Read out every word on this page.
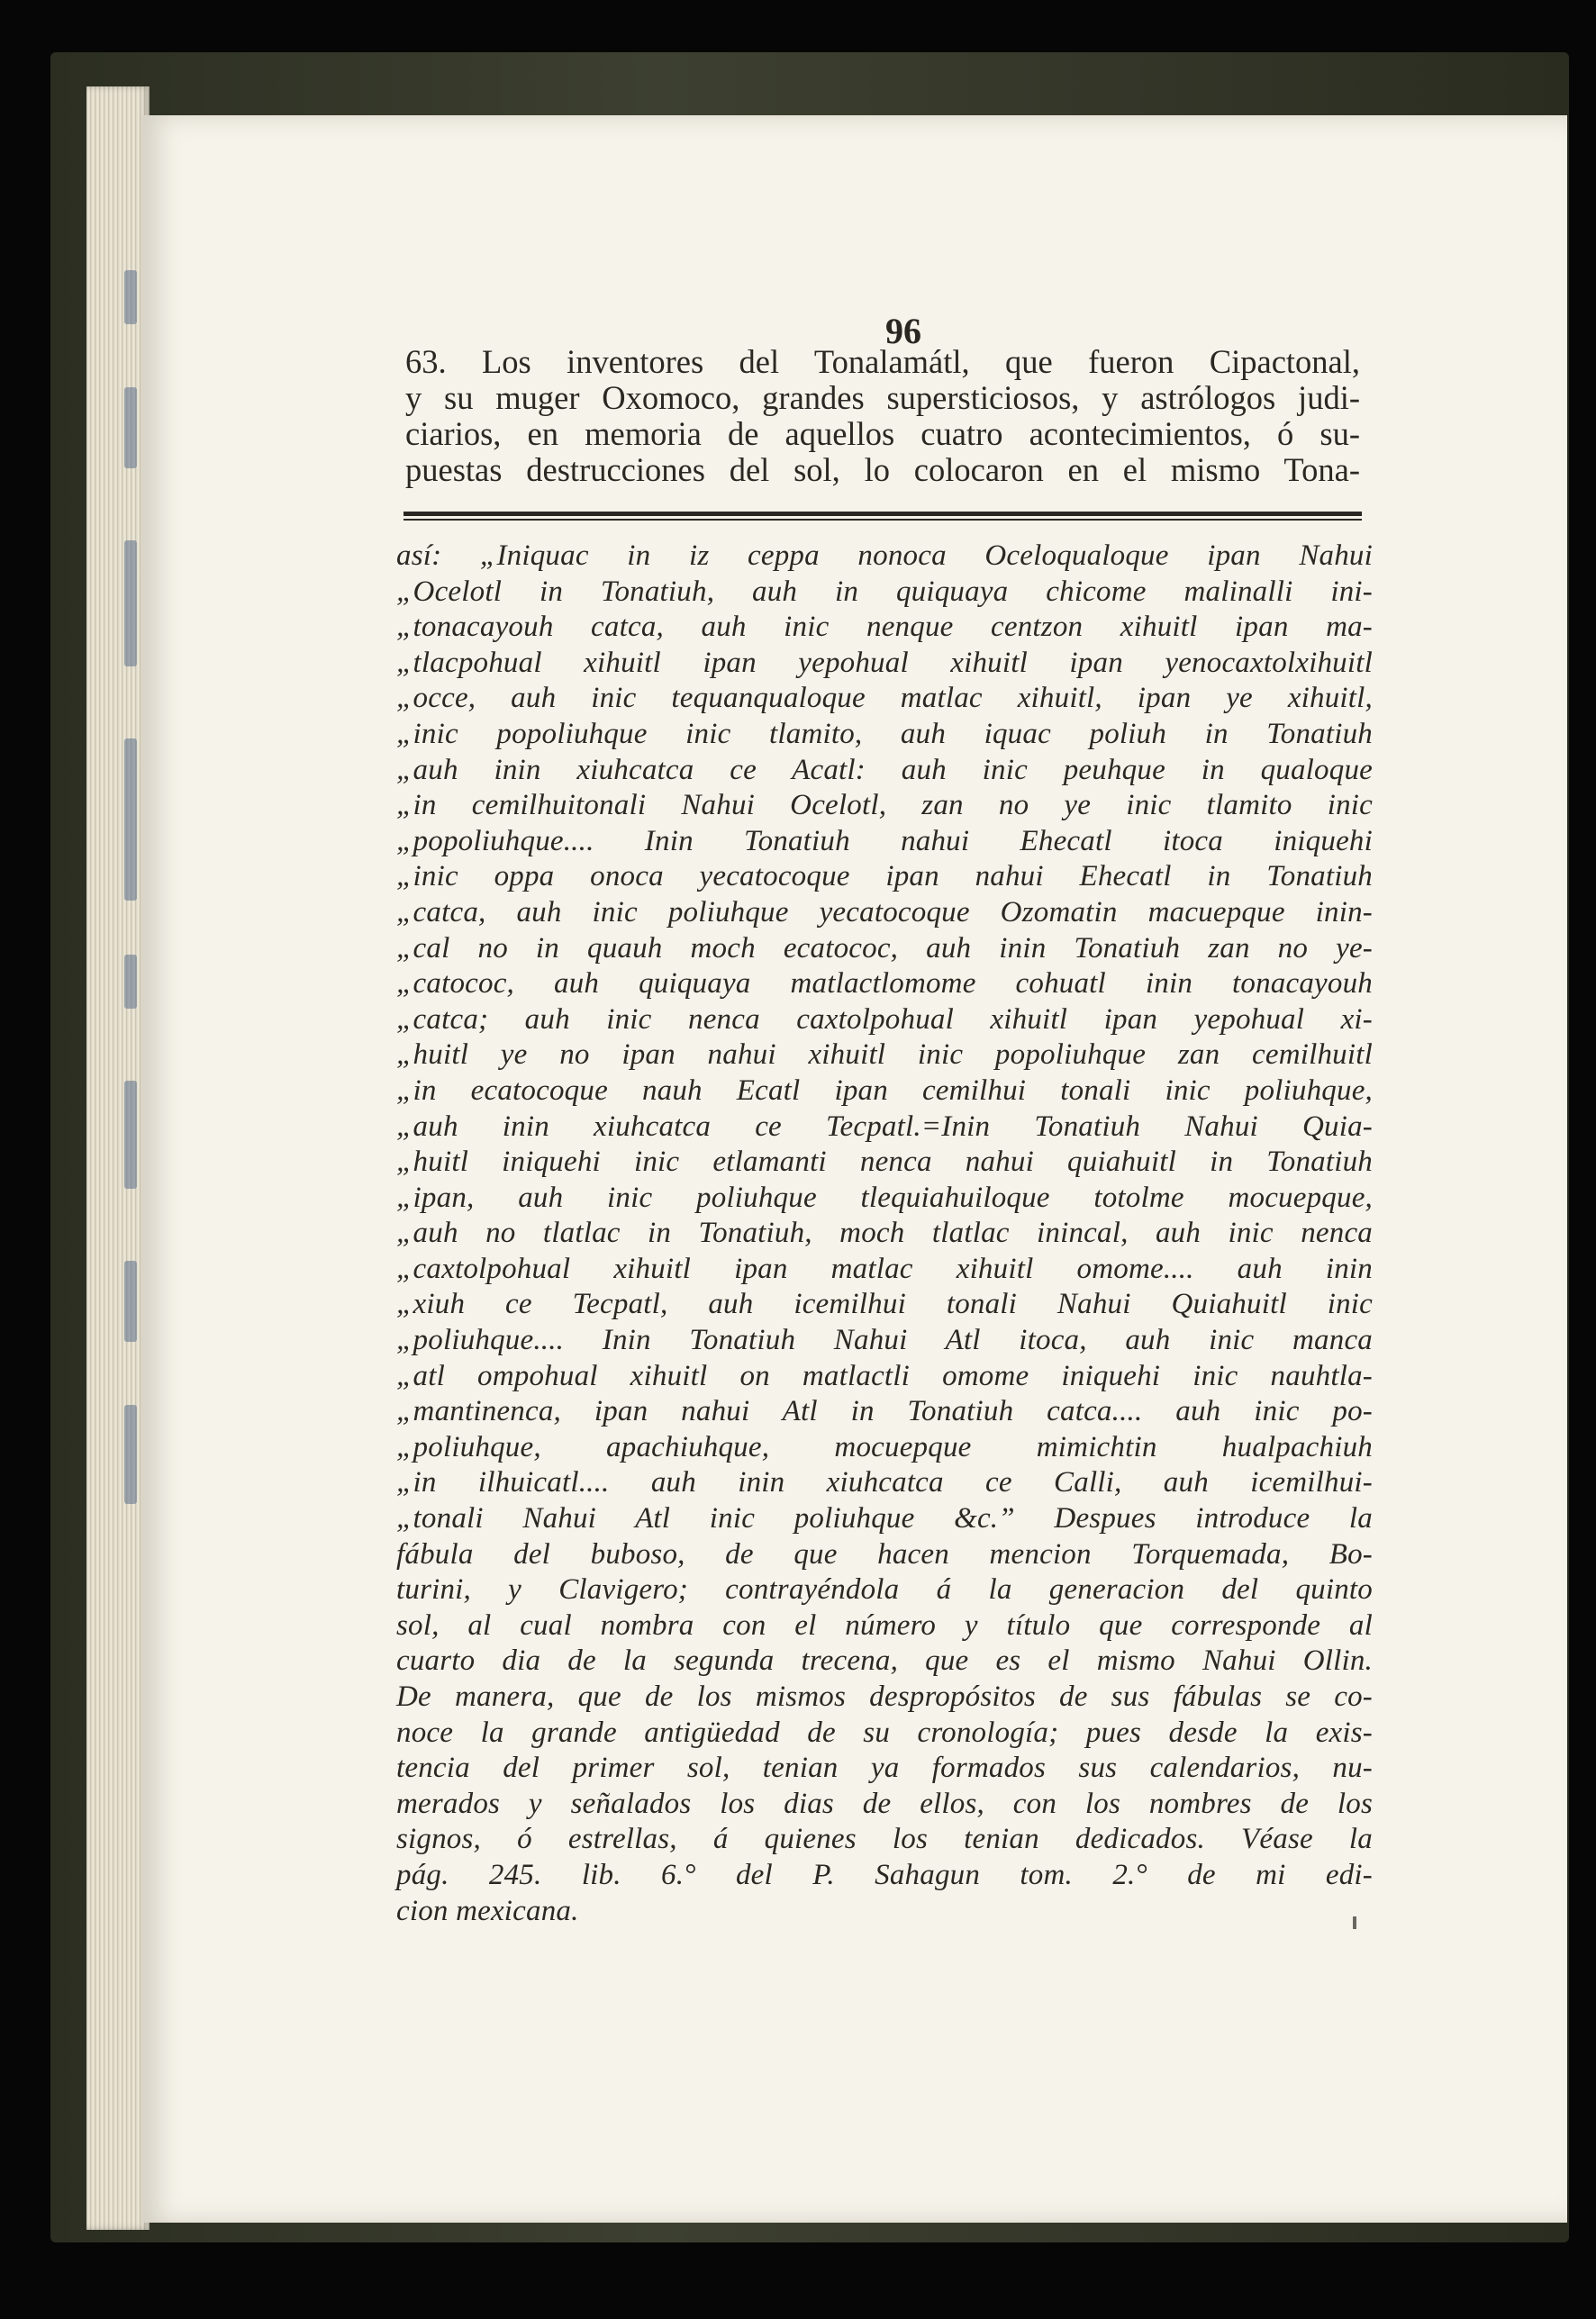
96

63. Los inventores del Tonalamátl, que fueron Cipactonal,
y su muger Oxomoco, grandes supersticiosos, y astrólogos judi-
ciarios, en memoria de aquellos cuatro acontecimientos, ó su-
puestas destrucciones del sol, lo colocaron en el mismo Tona-

así: „Iniquac in iz ceppa nonoca Oceloqualoque ipan Nahui
„Ocelotl in Tonatiuh, auh in quiquaya chicome malinalli ini-
„tonacayouh catca, auh inic nenque centzon xihuitl ipan ma-
„tlacpohual xihuitl ipan yepohual xihuitl ipan yenocaxtolxihuitl
„occe, auh inic tequanqualoque matlac xihuitl, ipan ye xihuitl,
„inic popoliuhque inic tlamito, auh iquac poliuh in Tonatiuh
„auh inin xiuhcatca ce Acatl: auh inic peuhque in qualoque
„in cemilhuitonali Nahui Ocelotl, zan no ye inic tlamito inic
„popoliuhque.... Inin Tonatiuh nahui Ehecatl itoca iniquehi
„inic oppa onoca yecatocoque ipan nahui Ehecatl in Tonatiuh
„catca, auh inic poliuhque yecatocoque Ozomatin macuepque inin-
„cal no in quauh moch ecatococ, auh inin Tonatiuh zan no ye-
„catococ, auh quiquaya matlactlomome cohuatl inin tonacayouh
„catca; auh inic nenca caxtolpohual xihuitl ipan yepohual xi-
„huitl ye no ipan nahui xihuitl inic popoliuhque zan cemilhuitl
„in ecatocoque nauh Ecatl ipan cemilhui tonali inic poliuhque,
„auh inin xiuhcatca ce Tecpatl.=Inin Tonatiuh Nahui Quia-
„huitl iniquehi inic etlamanti nenca nahui quiahuitl in Tonatiuh
„ipan, auh inic poliuhque tlequiahuiloque totolme mocuepque,
„auh no tlatlac in Tonatiuh, moch tlatlac inincal, auh inic nenca
„caxtolpohual xihuitl ipan matlac xihuitl omome.... auh inin
„xiuh ce Tecpatl, auh icemilhui tonali Nahui Quiahuitl inic
„poliuhque.... Inin Tonatiuh Nahui Atl itoca, auh inic manca
„atl ompohual xihuitl on matlactli omome iniquehi inic nauhtla-
„mantinenca, ipan nahui Atl in Tonatiuh catca.... auh inic po-
„poliuhque, apachiuhque, mocuepque mimichtin hualpachiuh
„in ilhuicatl.... auh inin xiuhcatca ce Calli, auh icemilhui-
„tonali Nahui Atl inic poliuhque &c.” Despues introduce la
fábula del buboso, de que hacen mencion Torquemada, Bo-
turini, y Clavigero; contrayéndola á la generacion del quinto
sol, al cual nombra con el número y título que corresponde al
cuarto dia de la segunda trecena, que es el mismo Nahui Ollin.
De manera, que de los mismos despropósitos de sus fábulas se co-
noce la grande antigüedad de su cronología; pues desde la exis-
tencia del primer sol, tenian ya formados sus calendarios, nu-
merados y señalados los dias de ellos, con los nombres de los
signos, ó estrellas, á quienes los tenian dedicados. Véase la
pág. 245. lib. 6.° del P. Sahagun tom. 2.° de mi edi-
cion mexicana.
